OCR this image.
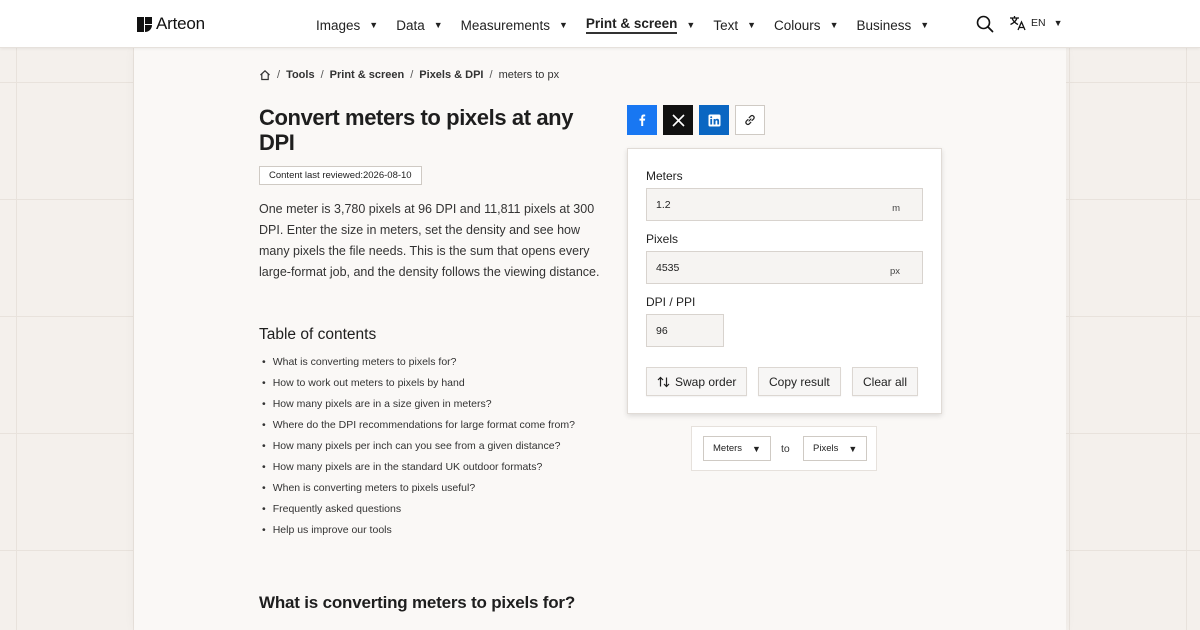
Arteon	Images ▼ Data ▼ Measurements ▼ Print & screen ▼ Text ▼ Colours ▼ Business ▼	EN ▼
/ Tools / Print & screen / Pixels & DPI / meters to px
Convert meters to pixels at any DPI
Content last reviewed:2026-08-10

One meter is 3,780 pixels at 96 DPI and 11,811 pixels at 300 DPI. Enter the size in meters, set the density and see how many pixels the file needs. This is the sum that opens every large-format job, and the density follows the viewing distance.

Table of contents
• What is converting meters to pixels for?
• How to work out meters to pixels by hand
• How many pixels are in a size given in meters?
• Where do the DPI recommendations for large format come from?
• How many pixels per inch can you see from a given distance?
• How many pixels are in the standard UK outdoor formats?
• When is converting meters to pixels useful?
• Frequently asked questions
• Help us improve our tools
What is converting meters to pixels for?
Meters
1.2	m
Pixels
4535	px
DPI / PPI
96
Swap order	Copy result	Clear all
Meters ▼ to Pixels ▼
